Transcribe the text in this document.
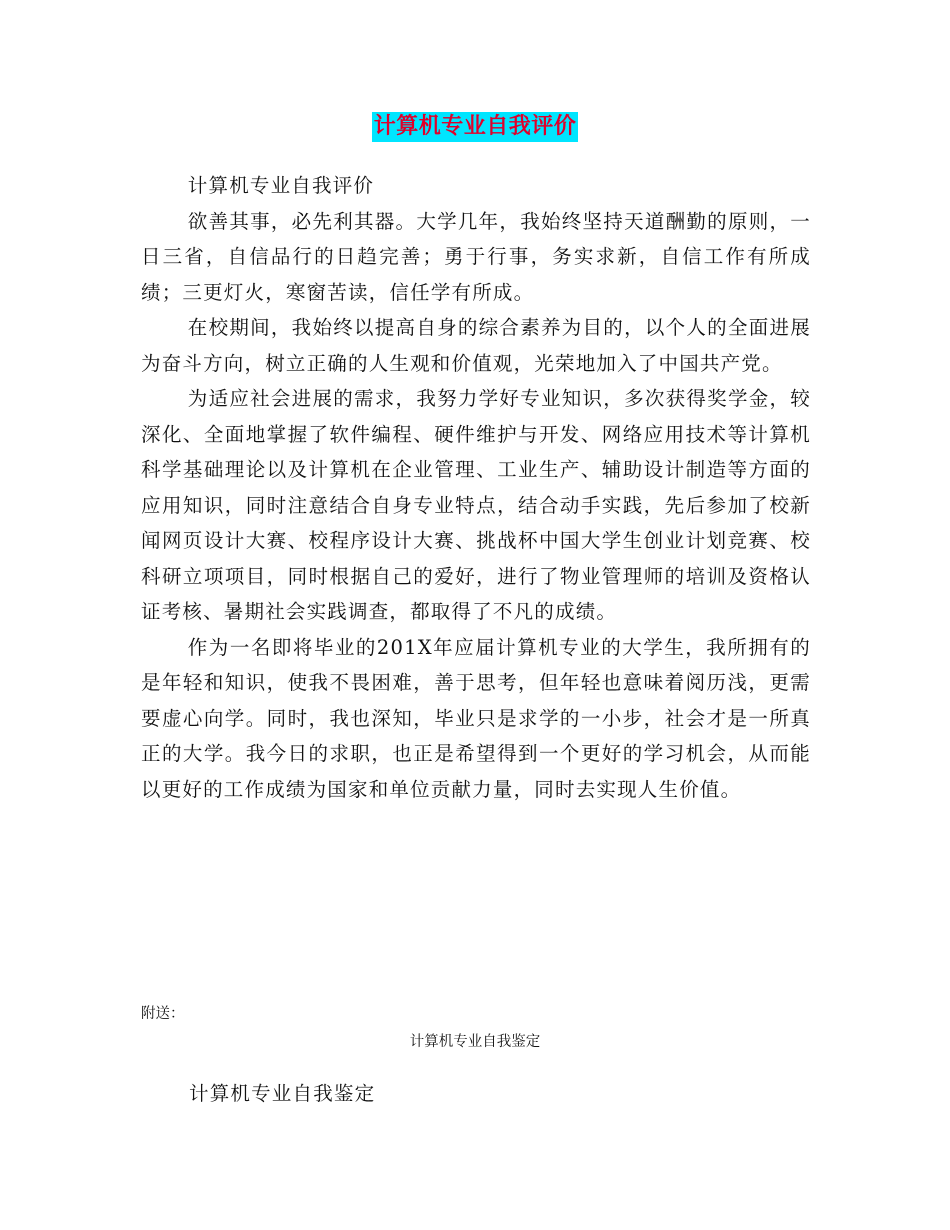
计算机专业自我评价

计算机专业自我评价

欲善其事，必先利其器。大学几年，我始终坚持天道酬勤的原则，一日三省，自信品行的日趋完善；勇于行事，务实求新，自信工作有所成绩；三更灯火，寒窗苦读，信任学有所成。

在校期间，我始终以提高自身的综合素养为目的，以个人的全面进展为奋斗方向，树立正确的人生观和价值观，光荣地加入了中国共产党。

为适应社会进展的需求，我努力学好专业知识，多次获得奖学金，较深化、全面地掌握了软件编程、硬件维护与开发、网络应用技术等计算机科学基础理论以及计算机在企业管理、工业生产、辅助设计制造等方面的应用知识，同时注意结合自身专业特点，结合动手实践，先后参加了校新闻网页设计大赛、校程序设计大赛、挑战杯中国大学生创业计划竞赛、校科研立项项目，同时根据自己的爱好，进行了物业管理师的培训及资格认证考核、暑期社会实践调查，都取得了不凡的成绩。

作为一名即将毕业的201X年应届计算机专业的大学生，我所拥有的是年轻和知识，使我不畏困难，善于思考，但年轻也意味着阅历浅，更需要虚心向学。同时，我也深知，毕业只是求学的一小步，社会才是一所真正的大学。我今日的求职，也正是希望得到一个更好的学习机会，从而能以更好的工作成绩为国家和单位贡献力量，同时去实现人生价值。

附送：
计算机专业自我鉴定
计算机专业自我鉴定
